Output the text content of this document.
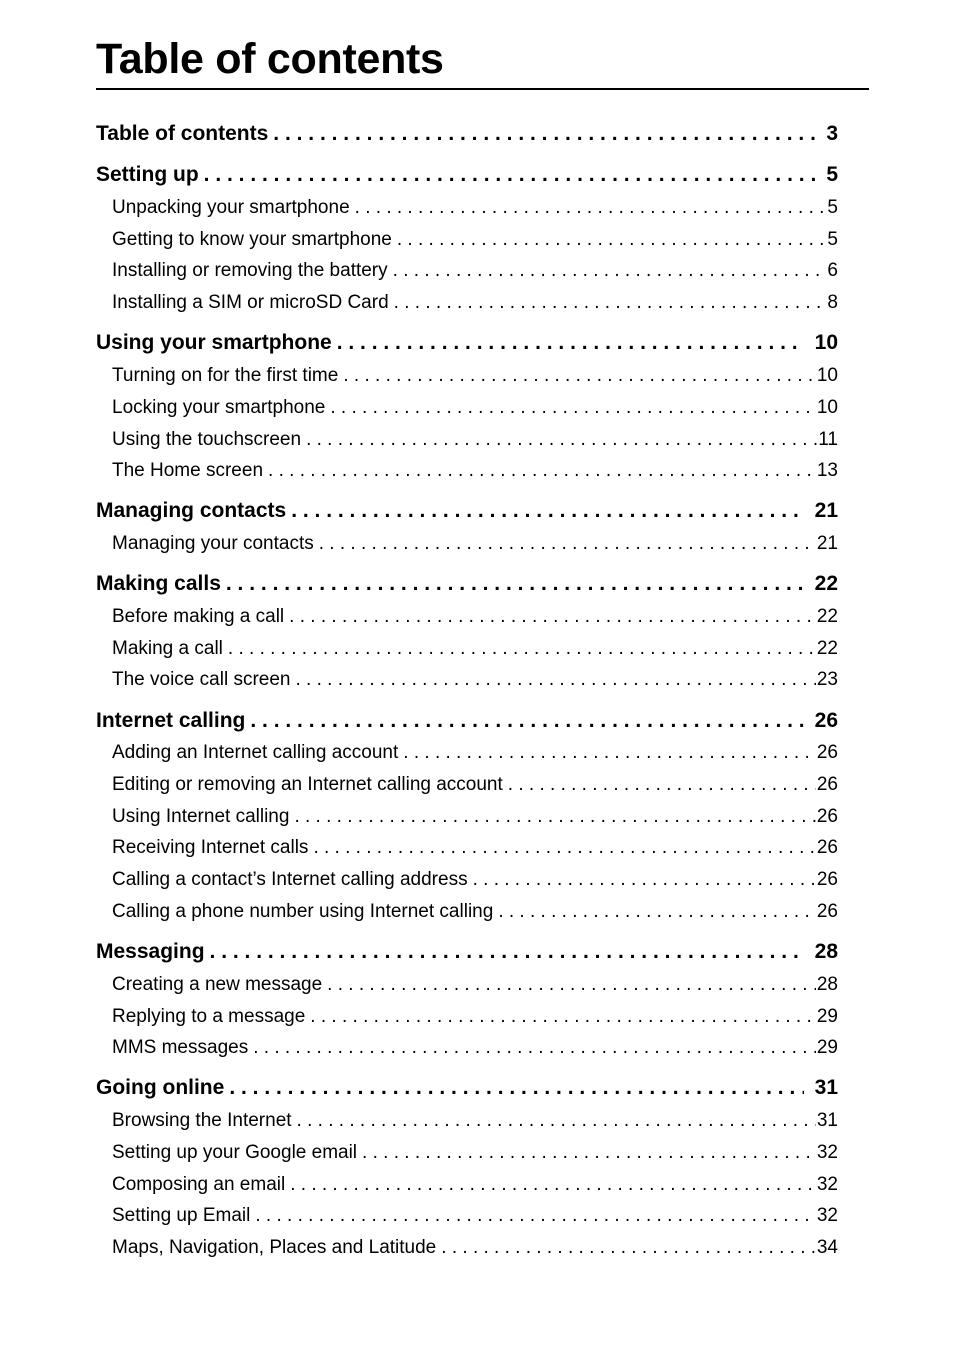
Table of contents
Table of contents . . .	3
Setting up . . .	5
Unpacking your smartphone . . .	5
Getting to know your smartphone . . .	5
Installing or removing the battery . . .	6
Installing a SIM or microSD Card . . .	8
Using your smartphone . . .	10
Turning on for the first time . . .	10
Locking your smartphone . . .	10
Using the touchscreen . . .	11
The Home screen . . .	13
Managing contacts . . .	21
Managing your contacts . . .	21
Making calls . . .	22
Before making a call . . .	22
Making a call . . .	22
The voice call screen . . .	23
Internet calling . . .	26
Adding an Internet calling account . . .	26
Editing or removing an Internet calling account . . .	26
Using Internet calling . . .	26
Receiving Internet calls . . .	26
Calling a contact’s Internet calling address . . .	26
Calling a phone number using Internet calling . . .	26
Messaging . . .	28
Creating a new message . . .	28
Replying to a message . . .	29
MMS messages . . .	29
Going online . . .	31
Browsing the Internet . . .	31
Setting up your Google email . . .	32
Composing an email . . .	32
Setting up Email . . .	32
Maps, Navigation, Places and Latitude . . .	34
